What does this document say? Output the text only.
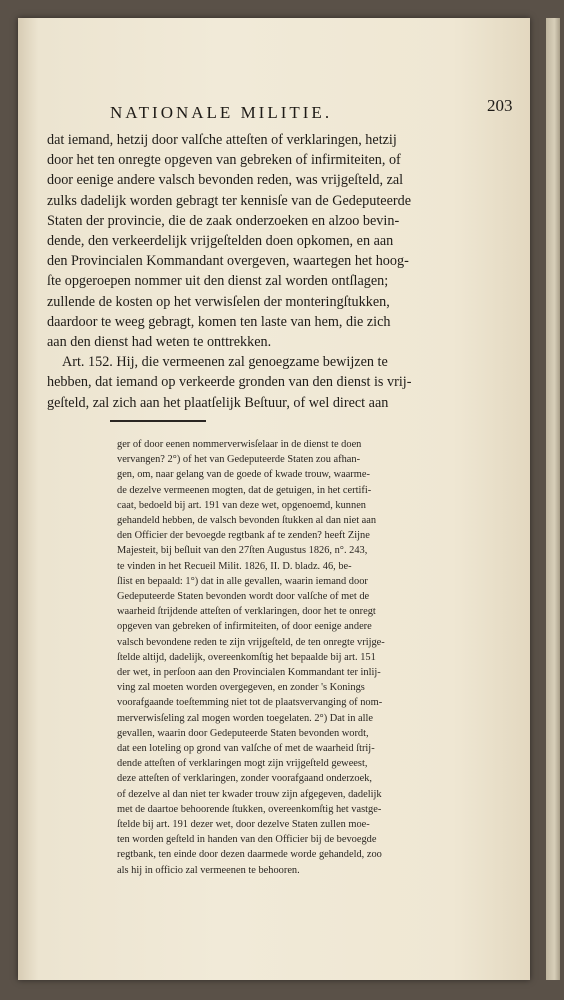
NATIONALE MILITIE.	203
dat iemand, hetzij door valſche atteſten of verklaringen, hetzij
door het ten onregte opgeven van gebreken of infirmiteiten, of
door eenige andere valsch bevonden reden, was vrijgeſteld, zal
zulks dadelijk worden gebragt ter kennisſe van de Gedeputeerde
Staten der provincie, die de zaak onderzoeken en alzoo bevin-
dende, den verkeerdelijk vrijgeſtelden doen opkomen, en aan
den Provincialen Kommandant overgeven, waartegen het hoog-
ſte opgeroepen nommer uit den dienst zal worden ontſlagen;
zullende de kosten op het verwisſelen der monteringſtukken,
daardoor te weeg gebragt, komen ten laste van hem, die zich
aan den dienst had weten te onttrekken.
Art. 152. Hij, die vermeenen zal genoegzame bewijzen te
hebben, dat iemand op verkeerde gronden van den dienst is vrij-
geſteld, zal zich aan het plaatſelijk Beſtuur, of wel direct aan
ger of door eenen nommerverwisſelaar in de dienst te doen
vervangen? 2°) of het van Gedeputeerde Staten zou afhan-
gen, om, naar gelang van de goede of kwade trouw, waarme-
de dezelve vermeenen mogten, dat de getuigen, in het certifi-
caat, bedoeld bij art. 191 van deze wet, opgenoemd, kunnen
gehandeld hebben, de valsch bevonden ſtukken al dan niet aan
den Officier der bevoegde regtbank af te zenden? heeft Zijne
Majesteit, bij beſluit van den 27ſten Augustus 1826, n°. 243,
te vinden in het Recueil Milit. 1826, II. D. bladz. 46, be-
ſlist en bepaald: 1°) dat in alle gevallen, waarin iemand door
Gedeputeerde Staten bevonden wordt door valſche of met de
waarheid ſtrijdende atteſten of verklaringen, door het te onregt
opgeven van gebreken of infirmiteiten, of door eenige andere
valsch bevondene reden te zijn vrijgeſteld, de ten onregte vrijge-
ſtelde altijd, dadelijk, overeenkomſtig het bepaalde bij art. 151
der wet, in perſoon aan den Provincialen Kommandant ter inlij-
ving zal moeten worden overgegeven, en zonder 's Konings
voorafgaande toeſtemming niet tot de plaatsvervanging of nom-
merverwisſeling zal mogen worden toegelaten. 2°) Dat in alle
gevallen, waarin door Gedeputeerde Staten bevonden wordt,
dat een loteling op grond van valſche of met de waarheid ſtrij-
dende atteſten of verklaringen mogt zijn vrijgeſteld geweest,
deze atteſten of verklaringen, zonder voorafgaand onderzoek,
of dezelve al dan niet ter kwader trouw zijn afgegeven, dadelijk
met de daartoe behoorende ſtukken, overeenkomſtig het vastge-
ſtelde bij art. 191 dezer wet, door dezelve Staten zullen moe-
ten worden geſteld in handen van den Officier bij de bevoegde
regtbank, ten einde door dezen daarmede worde gehandeld, zoo
als hij in officio zal vermeenen te behooren.
